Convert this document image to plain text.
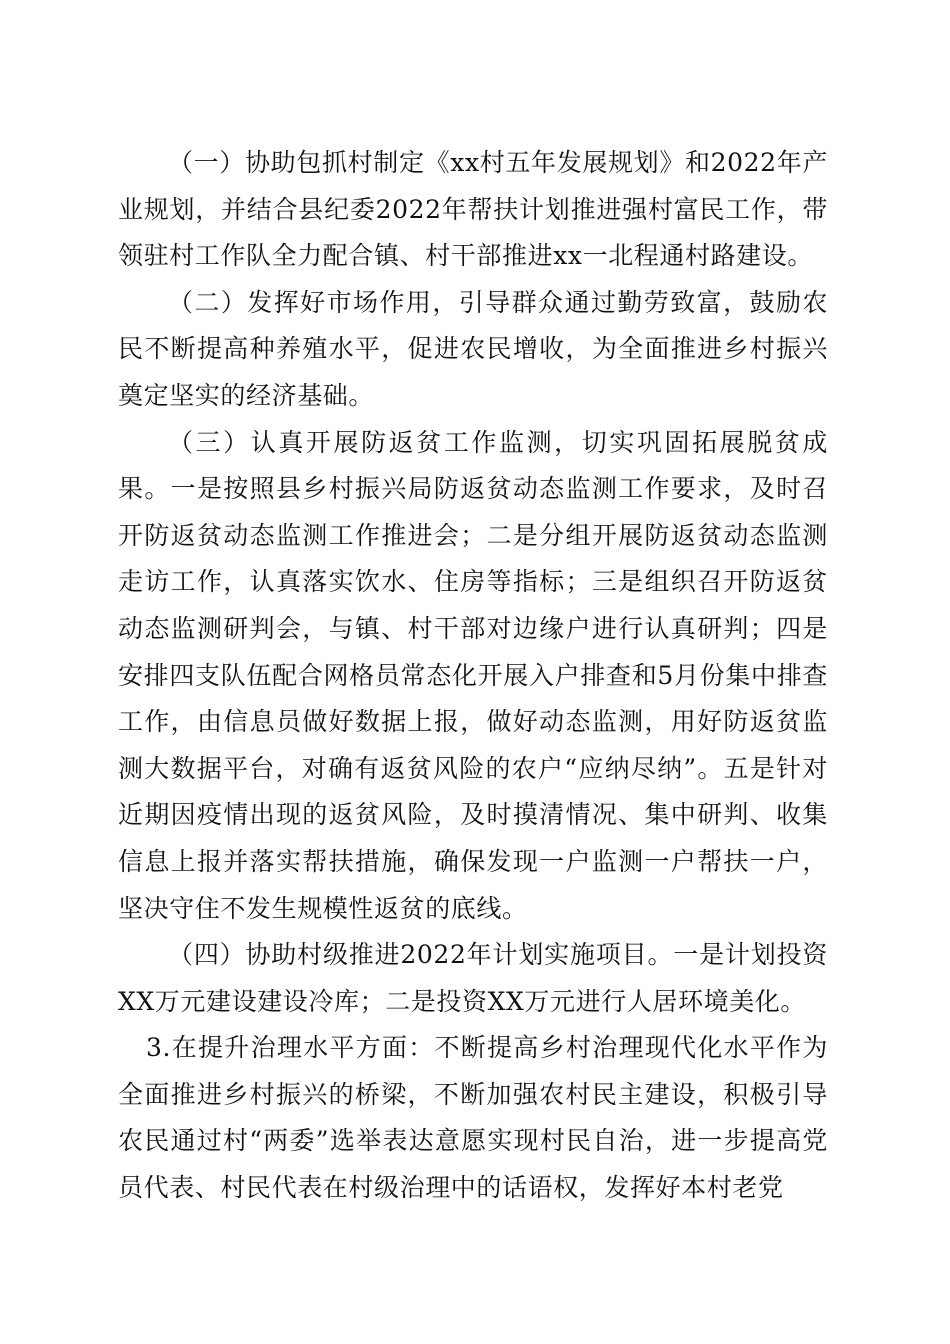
（一）协助包抓村制定《xx村五年发展规划》和2022年产业规划，并结合县纪委2022年帮扶计划推进强村富民工作，带领驻村工作队全力配合镇、村干部推进xx一北程通村路建设。

（二）发挥好市场作用，引导群众通过勤劳致富，鼓励农民不断提高种养殖水平，促进农民增收，为全面推进乡村振兴奠定坚实的经济基础。

（三）认真开展防返贫工作监测，切实巩固拓展脱贫成果。一是按照县乡村振兴局防返贫动态监测工作要求，及时召开防返贫动态监测工作推进会；二是分组开展防返贫动态监测走访工作，认真落实饮水、住房等指标；三是组织召开防返贫动态监测研判会，与镇、村干部对边缘户进行认真研判；四是安排四支队伍配合网格员常态化开展入户排查和5月份集中排查工作，由信息员做好数据上报，做好动态监测，用好防返贫监测大数据平台，对确有返贫风险的农户“应纳尽纳”。五是针对近期因疫情出现的返贫风险，及时摸清情况、集中研判、收集信息上报并落实帮扶措施，确保发现一户监测一户帮扶一户，坚决守住不发生规模性返贫的底线。

（四）协助村级推进2022年计划实施项目。一是计划投资XX万元建设建设冷库；二是投资XX万元进行人居环境美化。

3.在提升治理水平方面：不断提高乡村治理现代化水平作为全面推进乡村振兴的桥梁，不断加强农村民主建设，积极引导农民通过村“两委”选举表达意愿实现村民自治，进一步提高党员代表、村民代表在村级治理中的话语权，发挥好本村老党
